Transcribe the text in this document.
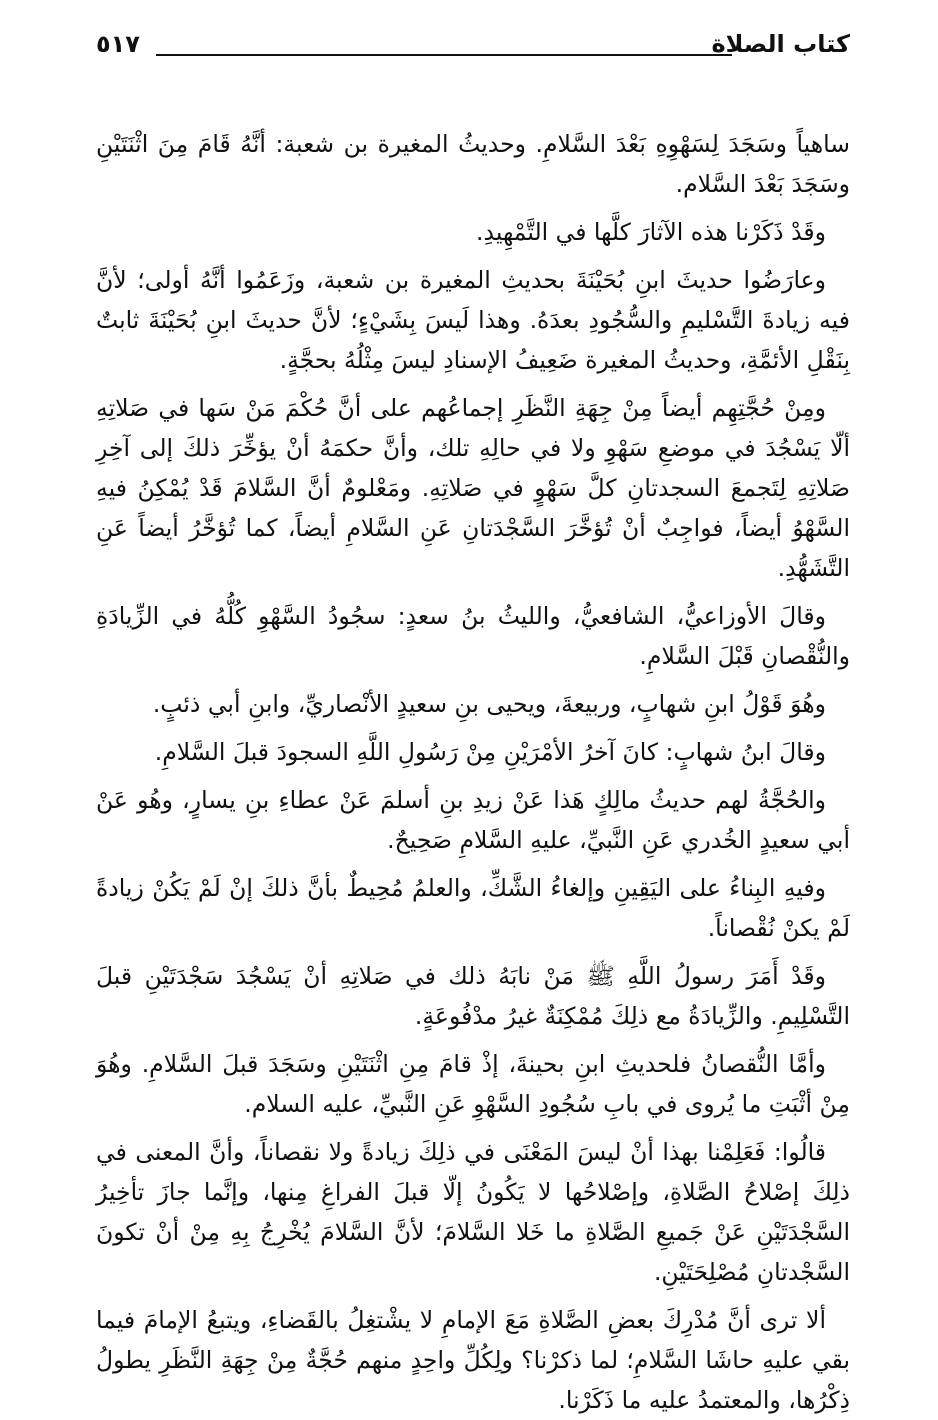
كتاب الصلاة
٥١٧

ساهياً وسَجَدَ لِسَهْوِهِ بَعْدَ السَّلامِ. وحديثُ المغيرة بن شعبة: أنَّهُ قَامَ مِنَ اثْنَتَيْنِ وسَجَدَ بَعْدَ السَّلام.

وقَدْ ذَكَرْنا هذه الآثارَ كلَّها في التَّمْهِيدِ.

وعارَضُوا حديثَ ابنِ بُحَيْنَةَ بحديثِ المغيرة بن شعبة، وزَعَمُوا أنَّهُ أولى؛ لأنَّ فيه زيادةَ التَّسْليمِ والسُّجُودِ بعدَهُ. وهذا لَيسَ بِشَيْءٍ؛ لأنَّ حديثَ ابنِ بُحَيْنَةَ ثابتٌ بِنَقْلِ الأئمَّةِ، وحديثُ المغيرة ضَعِيفُ الإسنادِ ليسَ مِثْلُهُ بحجَّةٍ.

ومِنْ حُجَّتِهِم أيضاً مِنْ جِهَةِ النَّظَرِ إجماعُهم على أنَّ حُكْمَ مَنْ سَها في صَلاتِهِ ألّا يَسْجُدَ في موضعِ سَهْوِ ولا في حالِهِ تلك، وأنَّ حكمَهُ أنْ يؤخِّرَ ذلكَ إلى آخِرِ صَلاتِهِ لِتَجمعَ السجدتانِ كلَّ سَهْوٍ في صَلاتِهِ. ومَعْلومٌ أنَّ السَّلامَ قَدْ يُمْكِنُ فيهِ السَّهْوُ أيضاً، فواجِبٌ أنْ تُؤخَّرَ السَّجْدَتانِ عَنِ السَّلامِ أيضاً، كما تُؤخَّرُ أيضاً عَنِ التَّشَهُّدِ.

وقالَ الأوزاعيُّ، الشافعيُّ، والليثُ بنُ سعدٍ: سجُودُ السَّهْوِ كُلُّهُ في الزِّيادَةِ والنُّقْصانِ قَبْلَ السَّلامِ.

وهُوَ قَوْلُ ابنِ شهابٍ، وربيعةَ، ويحيى بنِ سعيدٍ الأنْصاريِّ، وابنِ أبي ذئبٍ.

وقالَ ابنُ شهابٍ: كانَ آخرُ الأمْرَيْنِ مِنْ رَسُولِ اللَّهِ السجودَ قبلَ السَّلامِ.

والحُجَّةُ لهم حديثُ مالِكٍ هَذا عَنْ زيدِ بنِ أسلمَ عَنْ عطاءِ بنِ يسارٍ، وهُو عَنْ أبي سعيدٍ الخُدري عَنِ النَّبيِّ، عليهِ السَّلامِ صَحِيحٌ.

وفيهِ البِناءُ على اليَقِينِ وإلغاءُ الشَّكِّ، والعلمُ مُحِيطٌ بأنَّ ذلكَ إنْ لَمْ يَكُنْ زيادةً لَمْ يكنْ نُقْصاناً.

وقَدْ أَمَرَ رسولُ اللَّهِ ﷺ مَنْ نابَهُ ذلك في صَلاتِهِ أنْ يَسْجُدَ سَجْدَتَيْنِ قبلَ التَّسْلِيمِ. والزِّيادَةُ مع ذلِكَ مُمْكِنَةٌ غيرُ مدْفُوعَةٍ.

وأمَّا النُّقصانُ فلحديثِ ابنِ بحينةَ، إذْ قامَ مِنِ اثْنَتَيْنِ وسَجَدَ قبلَ السَّلامِ. وهُوَ مِنْ أثْبَتِ ما يُروى في بابِ سُجُودِ السَّهْوِ عَنِ النَّبيِّ، عليه السلام.

قالُوا: فَعَلِمْنا بهذا أنْ ليسَ المَعْنَى في ذلِكَ زيادةً ولا نقصاناً، وأنَّ المعنى في ذلِكَ إصْلاحُ الصَّلاةِ، وإصْلاحُها لا يَكُونُ إلّا قبلَ الفراغِ مِنها، وإنَّما جازَ تأخِيرُ السَّجْدَتَيْنِ عَنْ جَميعِ الصَّلاةِ ما خَلا السَّلامَ؛ لأنَّ السَّلامَ يُخْرِجُ بِهِ مِنْ أنْ تكونَ السَّجْدتانِ مُصْلِحَتَيْنِ.

ألا ترى أنَّ مُدْرِكَ بعضِ الصَّلاةِ مَعَ الإمامِ لا يشْتغِلُ بالقَضاءِ، ويتبعُ الإمامَ فيما بقي عليهِ حاشَا السَّلامِ؛ لما ذكرْنا؟ ولِكُلِّ واحِدٍ منهم حُجَّةٌ مِنْ جِهَةِ النَّظَرِ يطولُ ذِكْرُها، والمعتمدُ عليه ما ذَكَرْنا.
